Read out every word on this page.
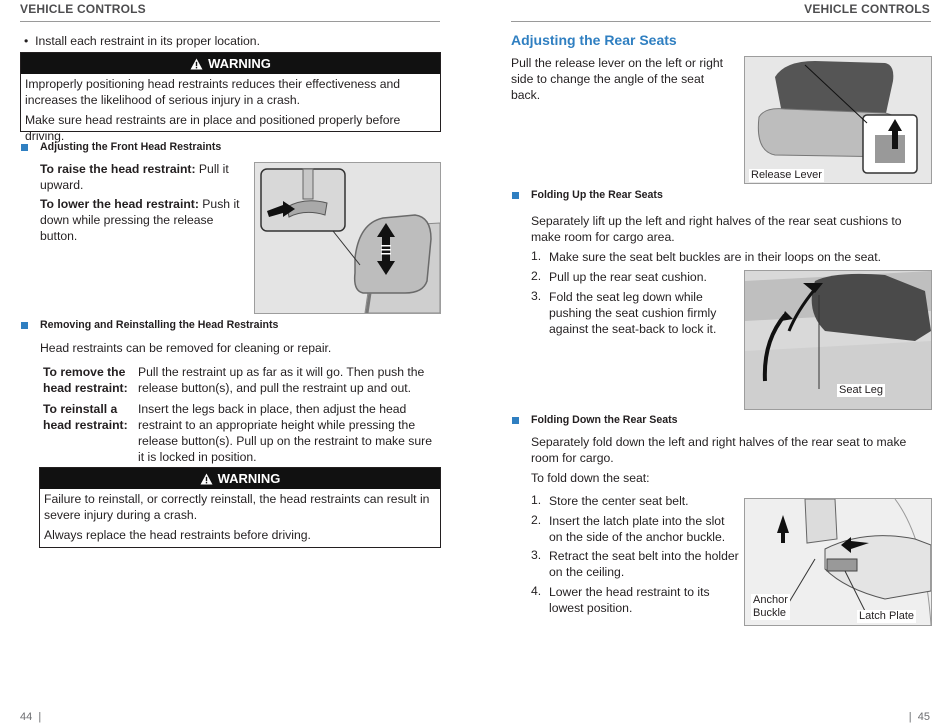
VEHICLE CONTROLS
• Install each restraint in its proper location.
WARNING

Improperly positioning head restraints reduces their effectiveness and increases the likelihood of serious injury in a crash.

Make sure head restraints are in place and positioned properly before driving.

Adjusting the Front Head Restraints
To raise the head restraint: Pull it upward.
To lower the head restraint: Push it down while pressing the release button.
Removing and Reinstalling the Head Restraints
Head restraints can be removed for cleaning or repair.
To remove the head restraint:
Pull the restraint up as far as it will go. Then push the release button(s), and pull the restraint up and out.
To reinstall a head restraint:
Insert the legs back in place, then adjust the head restraint to an appropriate height while pressing the release button(s). Pull up on the restraint to make sure it is locked in position.
WARNING

Failure to reinstall, or correctly reinstall, the head restraints can result in severe injury during a crash.

Always replace the head restraints before driving.

44  |
VEHICLE CONTROLS
Adjusting the Rear Seats
Pull the release lever on the left or right side to change the angle of the seat back.
Release Lever
Folding Up the Rear Seats
Separately lift up the left and right halves of the rear seat cushions to make room for cargo area.
1. Make sure the seat belt buckles are in their loops on the seat.
2. Pull up the rear seat cushion.
3. Fold the seat leg down while pushing the seat cushion firmly against the seat-back to lock it.
Seat Leg
Folding Down the Rear Seats
Separately fold down the left and right halves of the rear seat to make room for cargo.
To fold down the seat:
1. Store the center seat belt.
2. Insert the latch plate into the slot on the side of the anchor buckle.
3. Retract the seat belt into the holder on the ceiling.
4. Lower the head restraint to its lowest position.
Anchor
Buckle	Latch Plate
|  45
